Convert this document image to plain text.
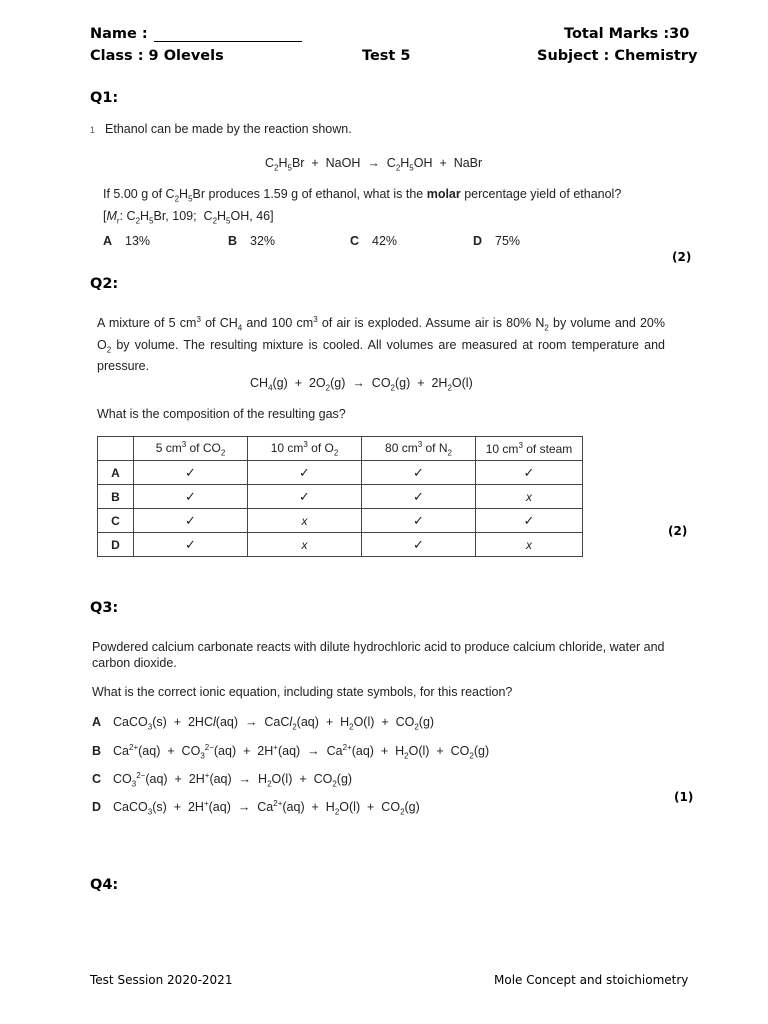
Name :	Total Marks :30
Class : 9 Olevels	Test 5	Subject : Chemistry
Q1:
1 Ethanol can be made by the reaction shown.
$C_2H_5Br$  +  NaOH  →  $C_2H_5OH$  +  NaBr
If 5.00 g of $C_2H_5Br$ produces 1.59 g of ethanol, what is the molar percentage yield of ethanol?
[$M_r$: $C_2H_5Br$, 109;  $C_2H_5OH$, 46]
A 13%	B 32%	C 42%	D 75%
(2)
Q2:
A mixture of 5 $cm^3$ of $CH_4$ and 100 $cm^3$ of air is exploded. Assume air is 80% $N_2$ by volume and 20% $O_2$ by volume. The resulting mixture is cooled. All volumes are measured at room temperature and pressure.
$CH_4(g) + 2O_2(g) \to CO_2(g) + 2H_2O(l)$
What is the composition of the resulting gas?
	5 $cm^3$ of $CO_2$	10 $cm^3$ of $O_2$	80 $cm^3$ of $N_2$	10 $cm^3$ of steam
A	✓	✓	✓	✓
B	✓	✓	✓	x
C	✓	x	✓	✓
D	✓	x	✓	x
(2)
Q3:
Powdered calcium carbonate reacts with dilute hydrochloric acid to produce calcium chloride, water and carbon dioxide.
What is the correct ionic equation, including state symbols, for this reaction?
A CaCO$_3$(s)  +  2HCl(aq)  →  CaCl$_2$(aq)  +  $H_2O(l) + CO_2(g)$
B $Ca^{2+}(aq) + CO_3^{2-}(aq) + 2H^+(aq) \to Ca^{2+}(aq) + H_2O(l) + CO_2(g)$
C $CO_3^{2-}(aq) + 2H^+(aq) \to H_2O(l) + CO_2(g)$
D CaCO$_3$(s)  +  $2H^+(aq) \to Ca^{2+}(aq) + H_2O(l) + CO_2(g)$
(1)
Q4:
Test Session 2020-2021	Mole Concept and stoichiometry
